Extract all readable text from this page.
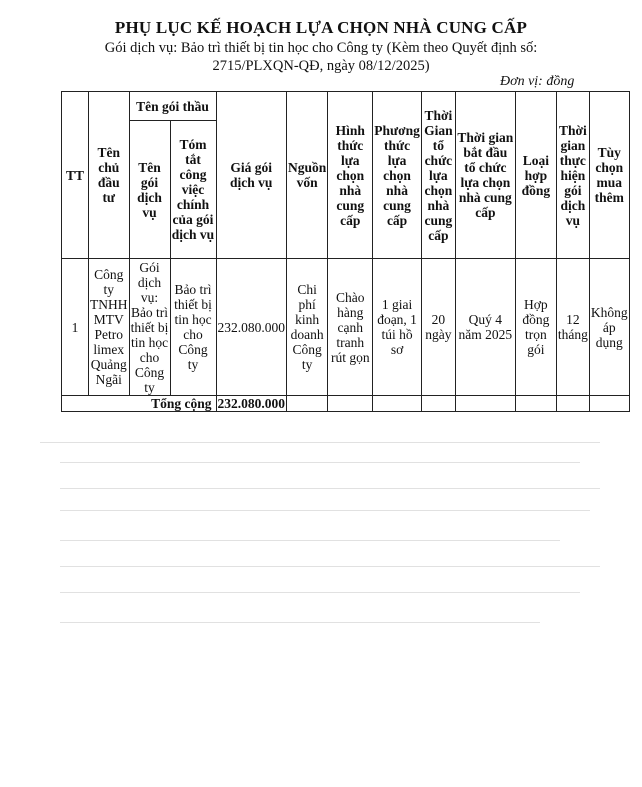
PHỤ LỤC KẾ HOẠCH LỰA CHỌN NHÀ CUNG CẤP
Gói dịch vụ: Bảo trì thiết bị tin học cho Công ty (Kèm theo Quyết định số:
2715/PLXQN-QĐ, ngày 08/12/2025)
Đơn vị: đồng
TT	Tên chủ đầu tư	Tên gói thầu		Giá gói dịch vụ	Nguồn vốn	Hình thức lựa chọn nhà cung cấp	Phương thức lựa chọn nhà cung cấp	Thời Gian tổ chức lựa chọn nhà cung cấp	Thời gian bắt đầu tổ chức lựa chọn nhà cung cấp	Loại hợp đồng	Thời gian thực hiện gói dịch vụ	Tùy chọn mua thêm
		Tên gói dịch vụ	Tóm tắt công việc chính của gói dịch vụ									
1	Công ty TNHH MTV Petro limex Quảng Ngãi	Gói dịch vụ: Bảo trì thiết bị tin học cho Công ty	Bảo trì thiết bị tin học cho Công ty	232.080.000	Chi phí kinh doanh Công ty	Chào hàng cạnh tranh rút gọn	1 giai đoạn, 1 túi hồ sơ	20 ngày	Quý 4 năm 2025	Hợp đồng trọn gói	12 tháng	Không áp dụng
Tổng cộng				232.080.000								
